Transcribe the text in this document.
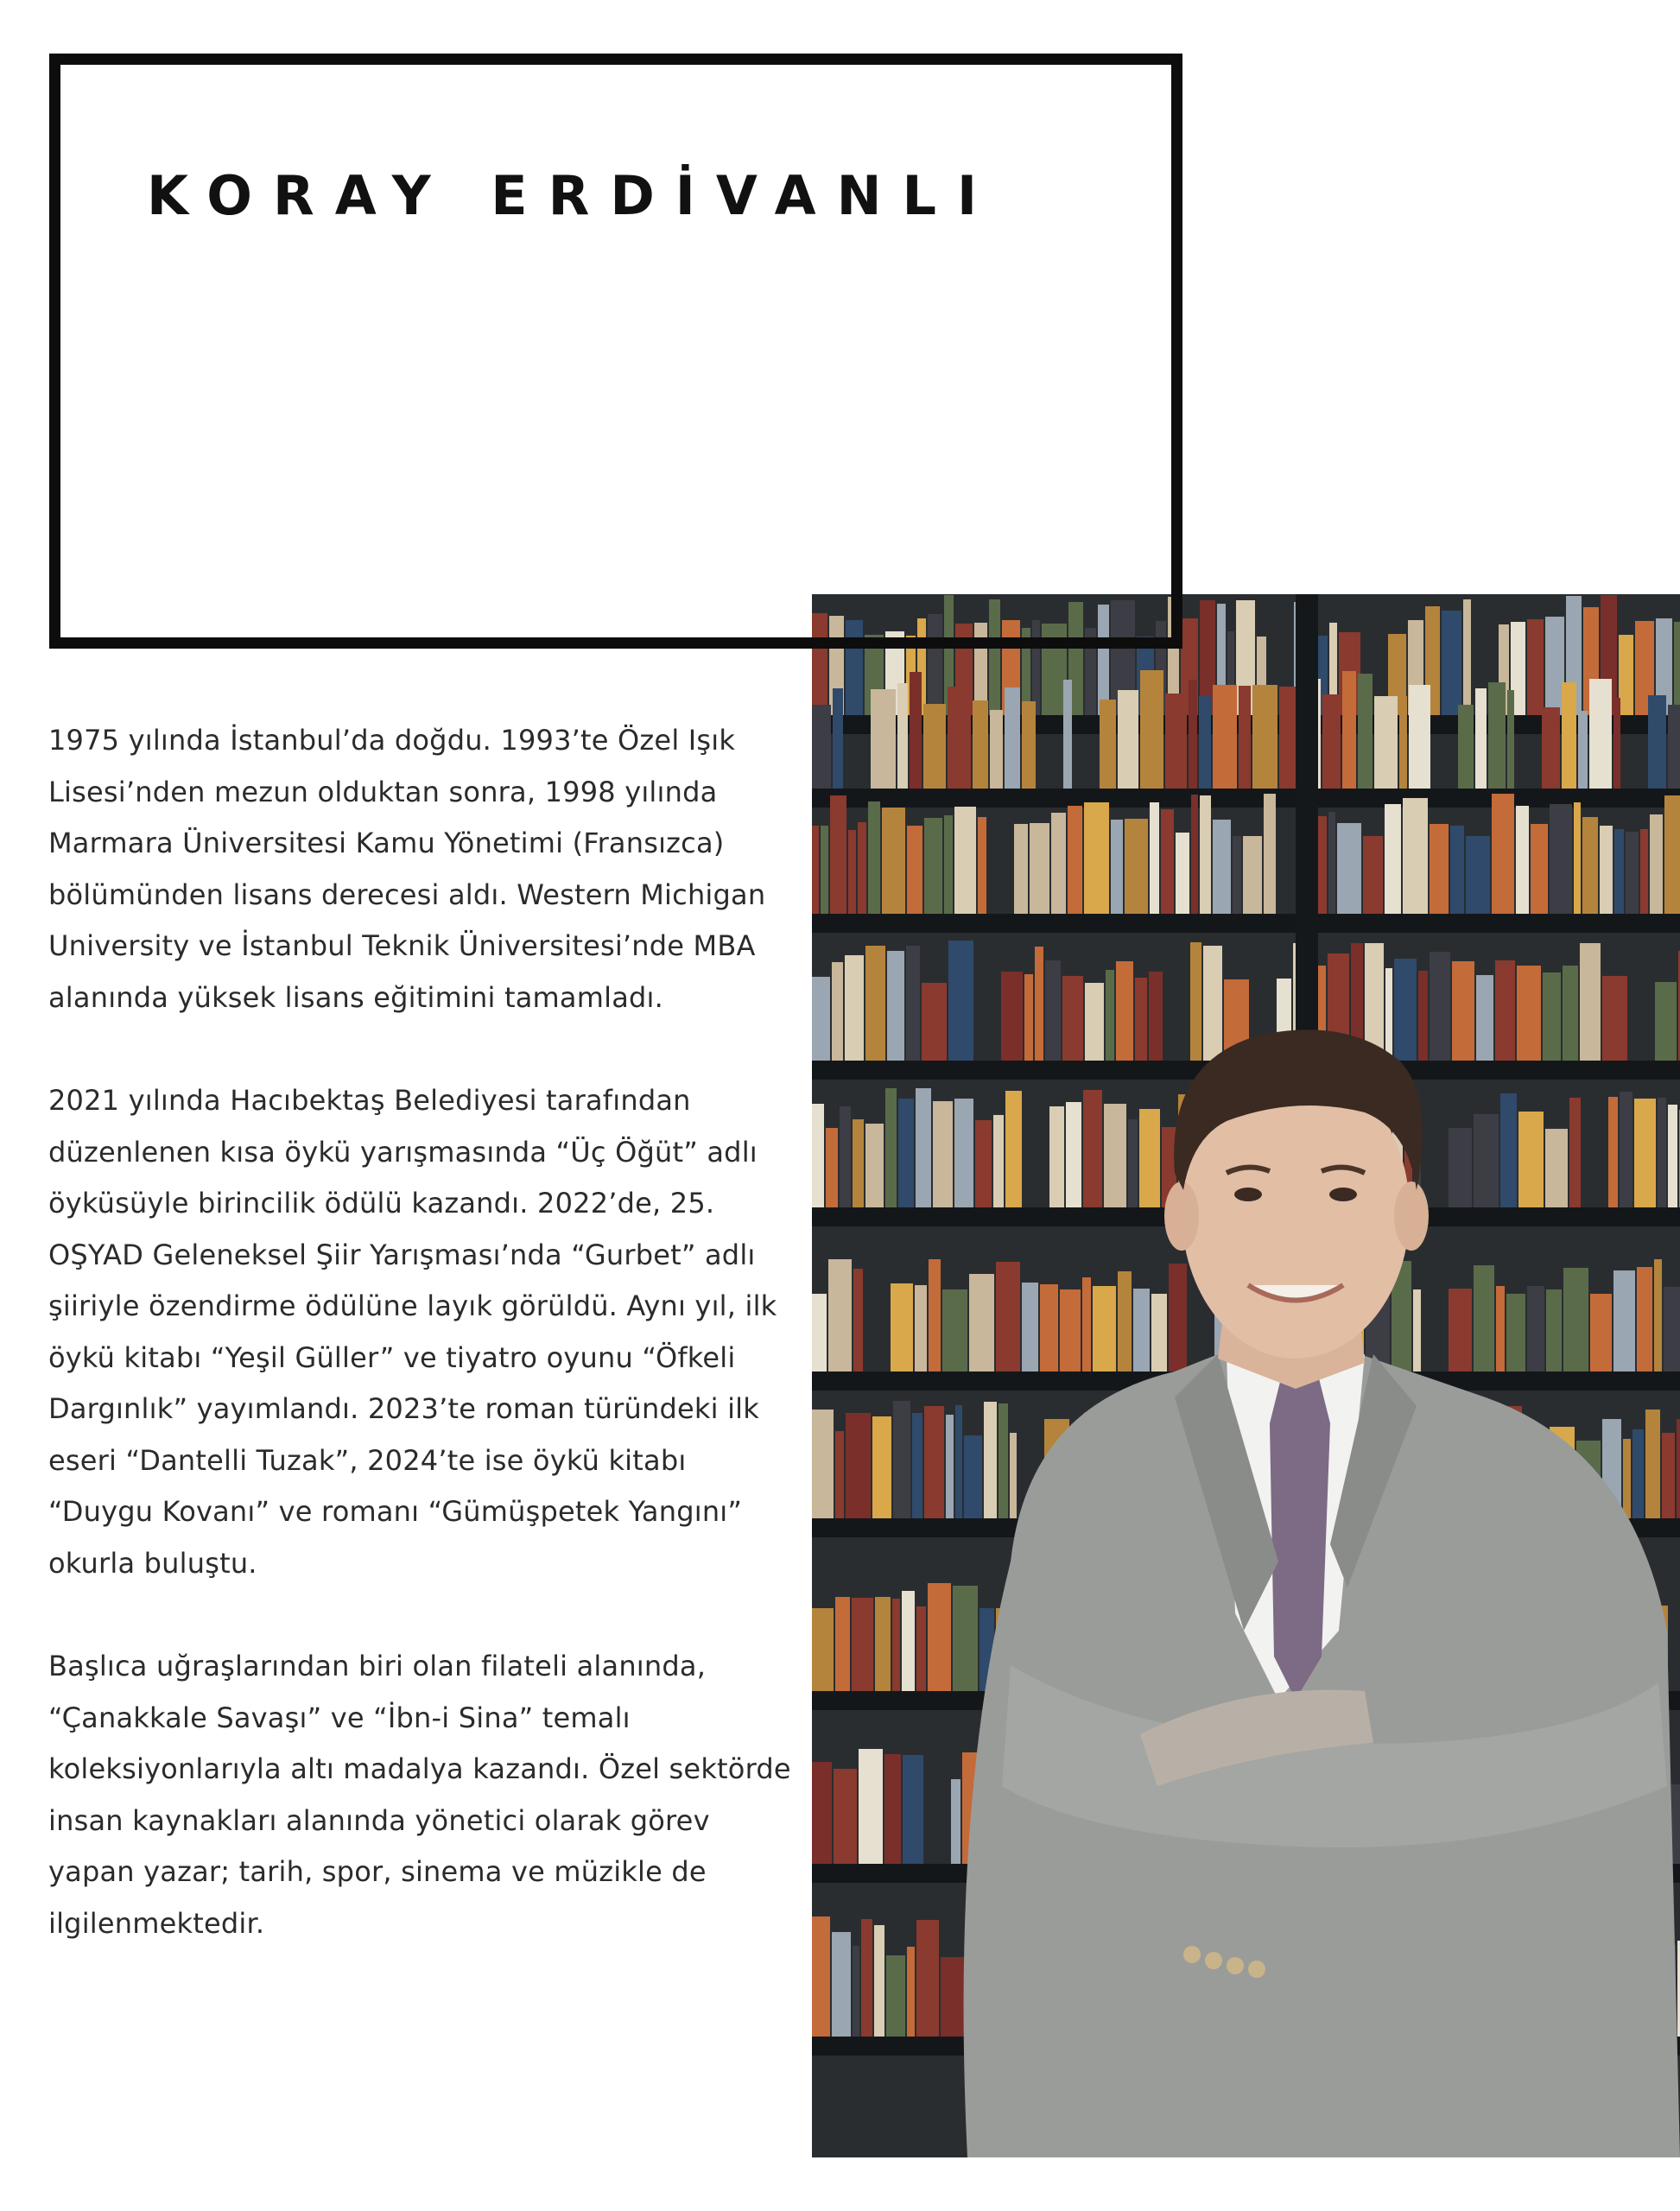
KORAY ERDİVANLI

1975 yılında İstanbul’da doğdu. 1993’te Özel Işık Lisesi’nden mezun olduktan sonra, 1998 yılında Marmara Üniversitesi Kamu Yönetimi (Fransızca) bölümünden lisans derecesi aldı. Western Michigan University ve İstanbul Teknik Üniversitesi’nde MBA alanında yüksek lisans eğitimini tamamladı.

2021 yılında Hacıbektaş Belediyesi tarafından düzenlenen kısa öykü yarışmasında “Üç Öğüt” adlı öyküsüyle birincilik ödülü kazandı. 2022’de, 25. OŞYAD Geleneksel Şiir Yarışması’nda “Gurbet” adlı şiiriyle özendirme ödülüne layık görüldü. Aynı yıl, ilk öykü kitabı “Yeşil Güller” ve tiyatro oyunu “Öfkeli Dargınlık” yayımlandı. 2023’te roman türündeki ilk eseri “Dantelli Tuzak”, 2024’te ise öykü kitabı “Duygu Kovanı” ve romanı “Gümüşpetek Yangını” okurla buluştu.

Başlıca uğraşlarından biri olan filateli alanında, “Çanakkale Savaşı” ve “İbn-i Sina” temalı koleksiyonlarıyla altı madalya kazandı. Özel sektörde insan kaynakları alanında yönetici olarak görev yapan yazar; tarih, spor, sinema ve müzikle de ilgilenmektedir.
